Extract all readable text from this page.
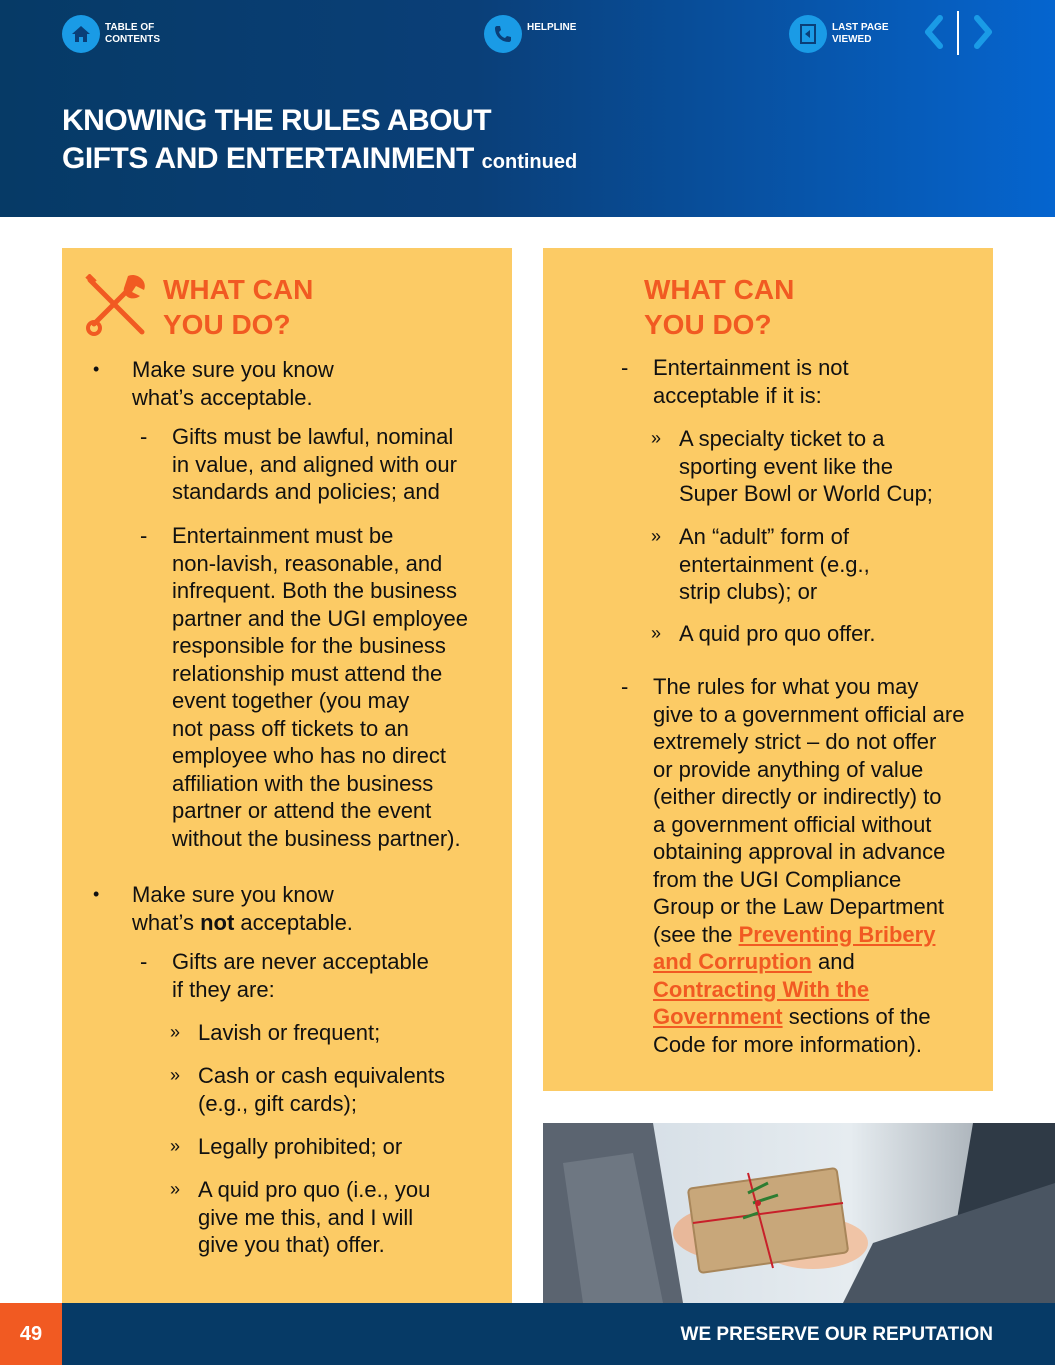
TABLE OF
CONTENTS
HELPLINE	LAST PAGE
VIEWED
KNOWING THE RULES ABOUT
GIFTS AND ENTERTAINMENT continued
WHAT CAN
YOU DO?
• Make sure you know
what’s acceptable.
- Gifts must be lawful, nominal
in value, and aligned with our
standards and policies; and
- Entertainment must be
non-lavish, reasonable, and
infrequent. Both the business
partner and the UGI employee
responsible for the business
relationship must attend the
event together (you may
not pass off tickets to an
employee who has no direct
affiliation with the business
partner or attend the event
without the business partner).
• Make sure you know
what’s not acceptable.
- Gifts are never acceptable
if they are:
» Lavish or frequent;
» Cash or cash equivalents
(e.g., gift cards);
» Legally prohibited; or
» A quid pro quo (i.e., you
give me this, and I will
give you that) offer.
WHAT CAN
YOU DO?
- Entertainment is not
acceptable if it is:
» A specialty ticket to a
sporting event like the
Super Bowl or World Cup;
» An “adult” form of
entertainment (e.g.,
strip clubs); or
» A quid pro quo offer.
- The rules for what you may
give to a government official are
extremely strict – do not offer
or provide anything of value
(either directly or indirectly) to
a government official without
obtaining approval in advance
from the UGI Compliance
Group or the Law Department
(see the Preventing Bribery
and Corruption and
Contracting With the
Government sections of the
Code for more information).
49	WE PRESERVE OUR REPUTATION
